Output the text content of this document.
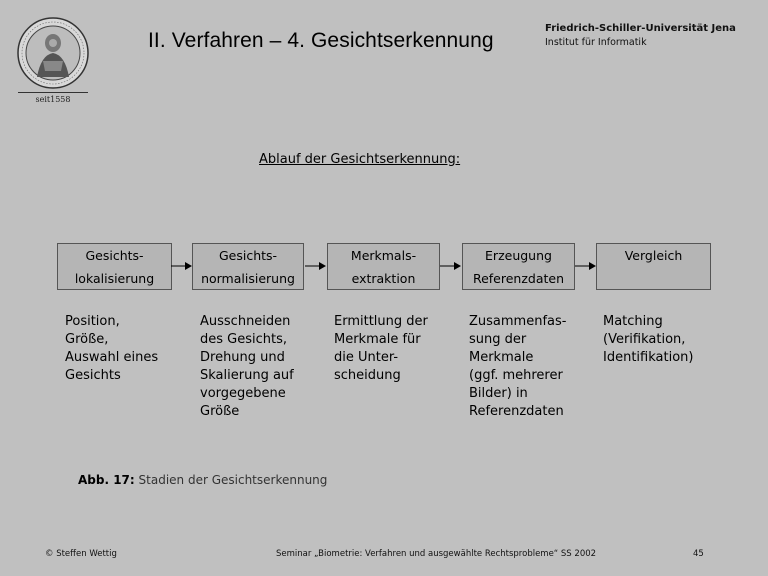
seit1558
II. Verfahren – 4. Gesichtserkennung
Friedrich-Schiller-Universität Jena
Institut für Informatik
Ablauf der Gesichtserkennung:
Gesichts-
lokalisierung
Gesichts-
normalisierung
Merkmals-
extraktion
Erzeugung
Referenzdaten
Vergleich
Position,
Größe,
Auswahl eines
Gesichts
Ausschneiden
des Gesichts,
Drehung und
Skalierung auf
vorgegebene
Größe
Ermittlung der
Merkmale für
die Unter-
scheidung
Zusammenfas-
sung der
Merkmale
(ggf. mehrerer
Bilder) in
Referenzdaten
Matching
(Verifikation,
Identifikation)
Abb. 17: Stadien der Gesichtserkennung
© Steffen Wettig	Seminar „Biometrie: Verfahren und ausgewählte Rechtsprobleme“ SS 2002	45
